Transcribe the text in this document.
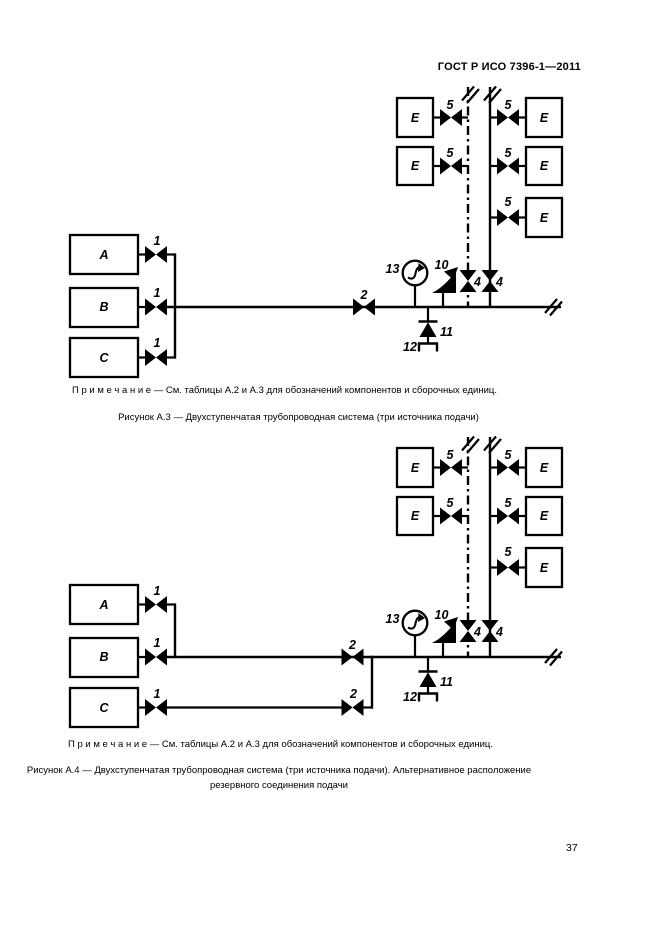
ГОСТ Р ИСО 7396-1—2011
A
B
C
1
1
1
2
E
E
E
E
E
5
5
5
5
5
4 4
13	10
11
12
A
B
C
1
1
1
2
2
E
E
E
E
E
5
5
5
5
5
4 4
13	10
11
12
П р и м е ч а н и е — См. таблицы А.2 и А.3 для обозначений компонентов и сборочных единиц.
Рисунок А.3 — Двухступенчатая трубопроводная система (три источника подачи)
П р и м е ч а н и е — См. таблицы А.2 и А.3 для обозначений компонентов и сборочных единиц.
Рисунок А.4 — Двухступенчатая трубопроводная система (три источника подачи). Альтернативное расположение
резервного соединения подачи
37
